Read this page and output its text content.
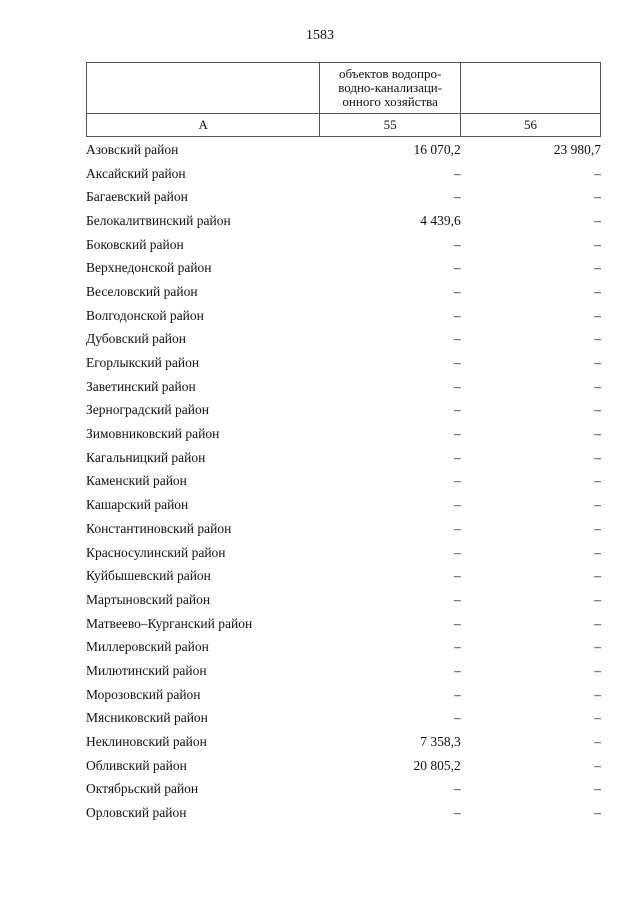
1583

	объектов водопро-
водно-канализаци-
онного хозяйства	

А	55	56
Азовский район	16 070,2	23 980,7
Аксайский район	–	–
Багаевский район	–	–
Белокалитвинский район	4 439,6	–
Боковский район	–	–
Верхнедонской район	–	–
Веселовский район	–	–
Волгодонской район	–	–
Дубовский район	–	–
Егорлыкский район	–	–
Заветинский район	–	–
Зерноградский район	–	–
Зимовниковский район	–	–
Кагальницкий район	–	–
Каменский район	–	–
Кашарский район	–	–
Константиновский район	–	–
Красносулинский район	–	–
Куйбышевский район	–	–
Мартыновский район	–	–
Матвеево–Курганский район	–	–
Миллеровский район	–	–
Милютинский район	–	–
Морозовский район	–	–
Мясниковский район	–	–
Неклиновский район	7 358,3	–
Обливский район	20 805,2	–
Октябрьский район	–	–
Орловский район	–	–
